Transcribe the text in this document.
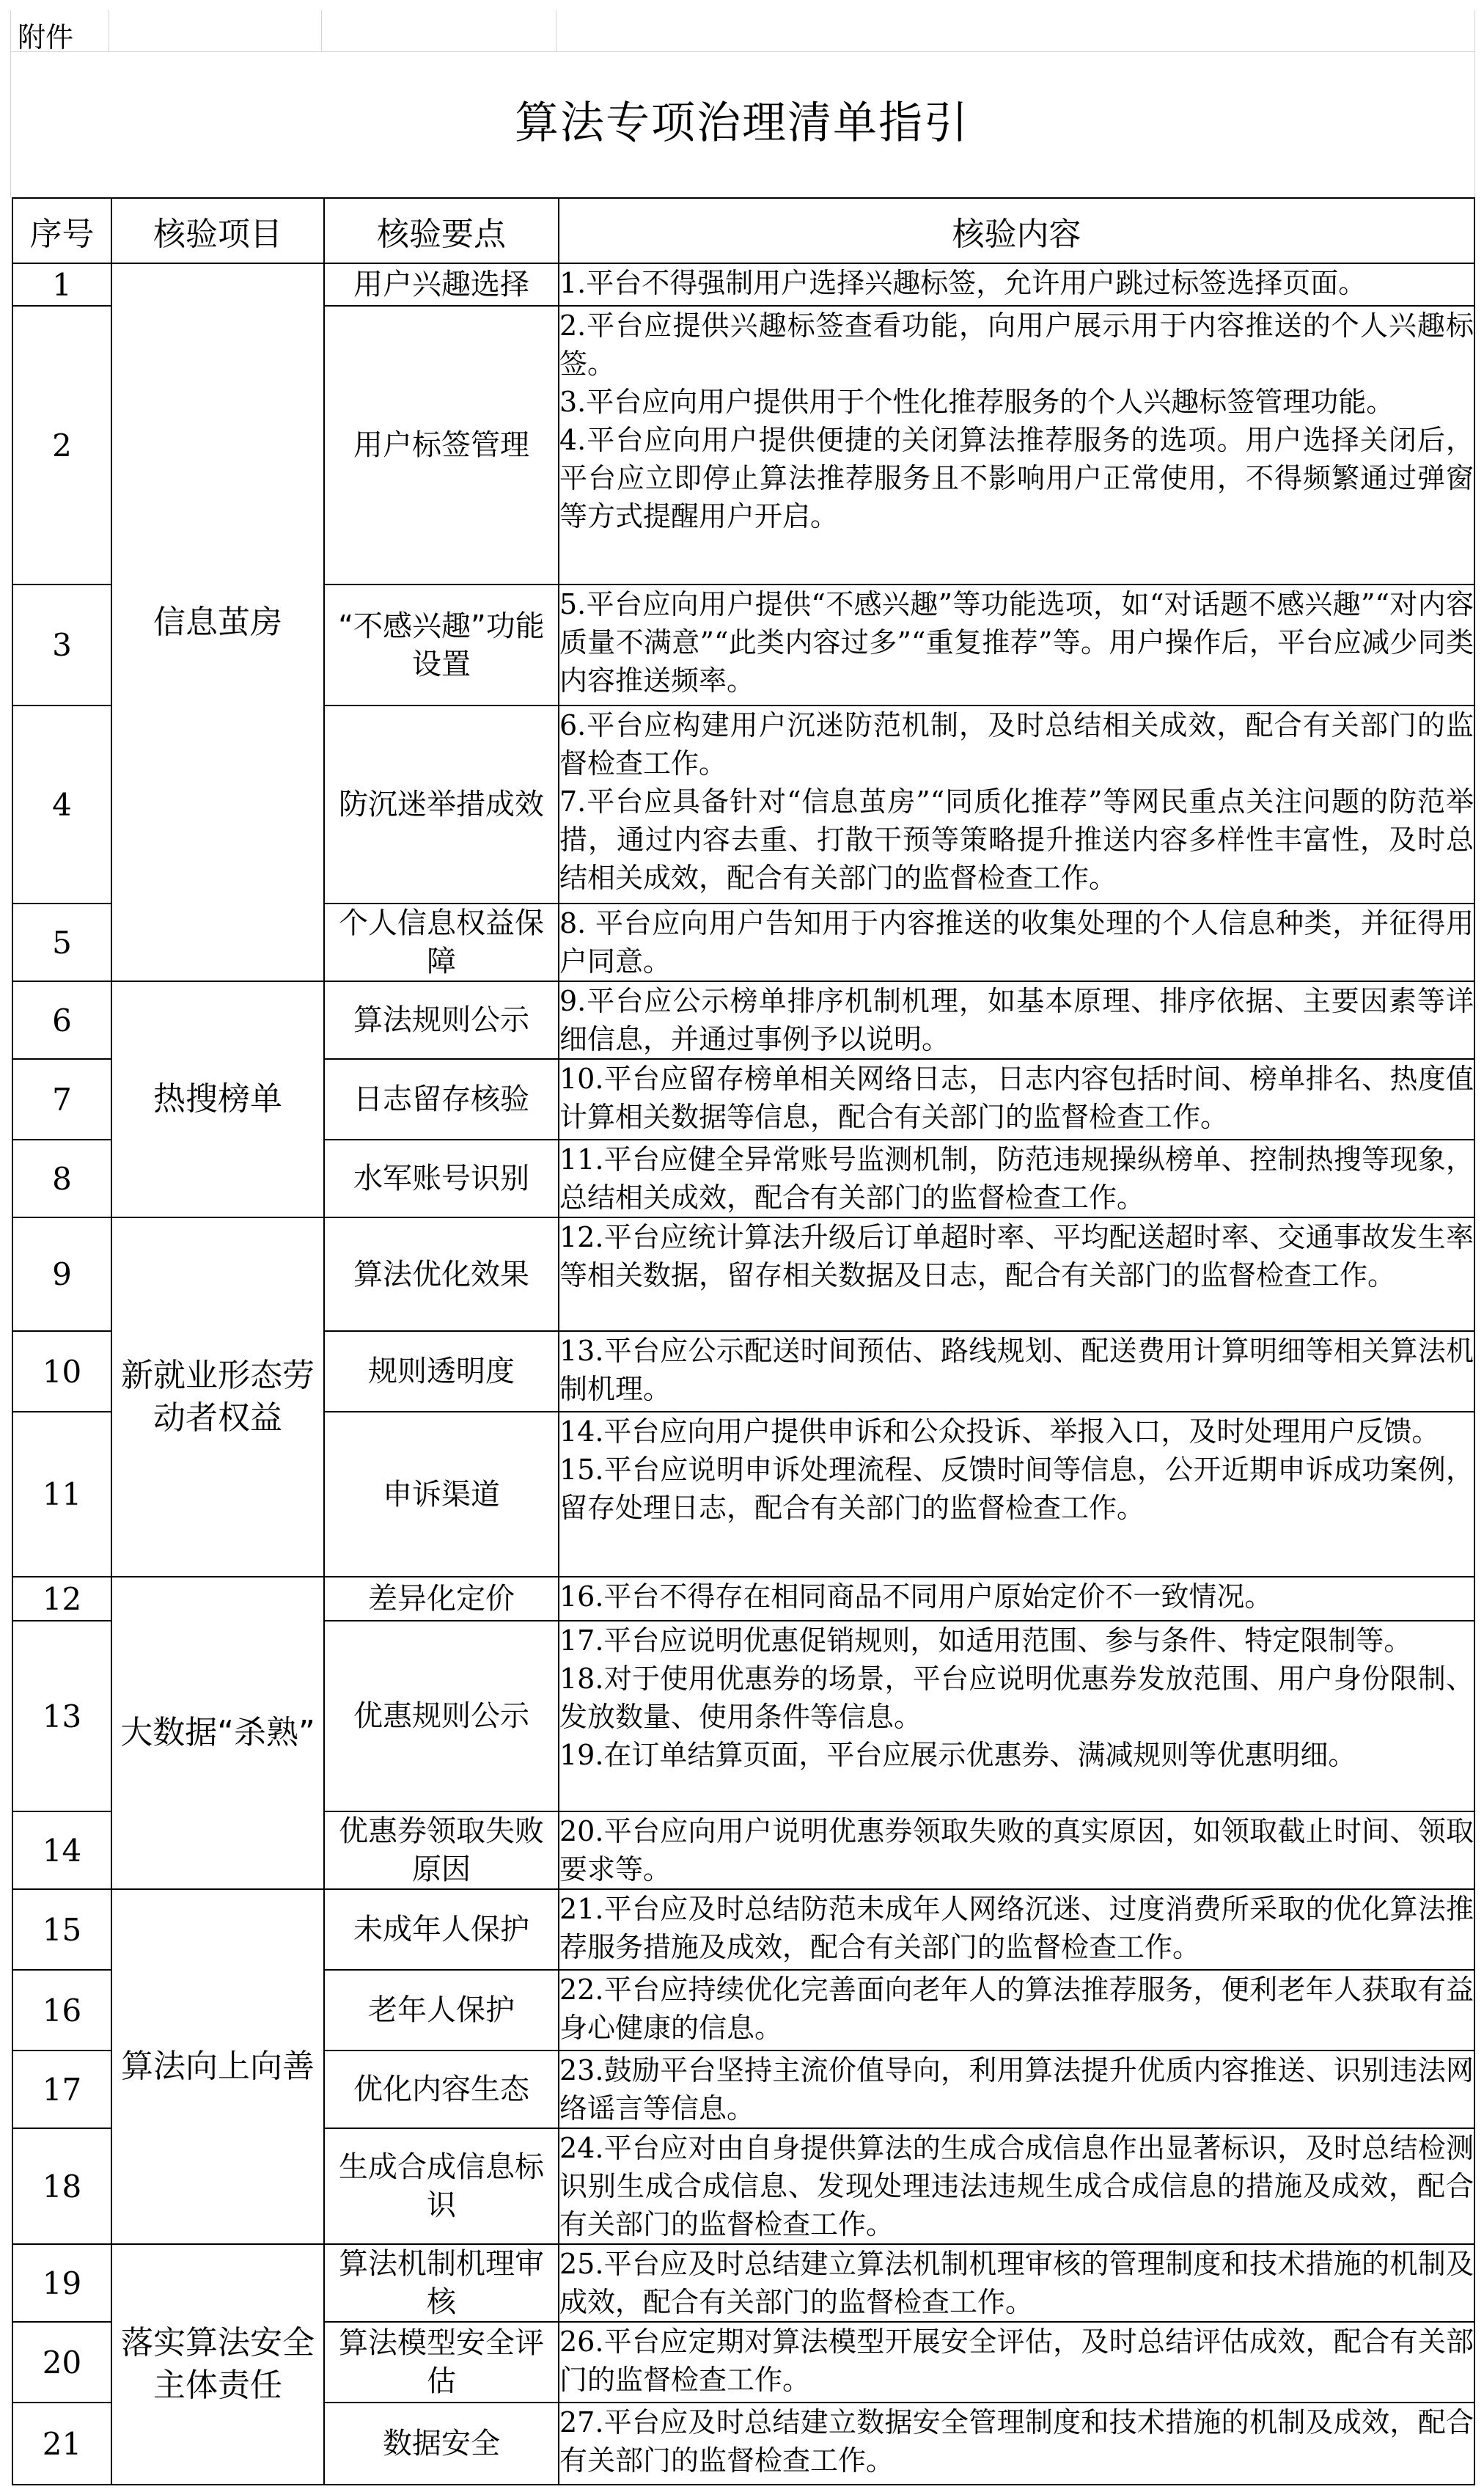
附件
算法专项治理清单指引
序号	核验项目	核验要点	核验内容
1	信息茧房	用户兴趣选择	1.平台不得强制用户选择兴趣标签，允许用户跳过标签选择页面。

2		用户标签管理	2.平台应提供兴趣标签查看功能，向用户展示用于内容推送的个人兴趣标签。
3.平台应向用户提供用于个性化推荐服务的个人兴趣标签管理功能。
4.平台应向用户提供便捷的关闭算法推荐服务的选项。用户选择关闭后，平台应立即停止算法推荐服务且不影响用户正常使用，不得频繁通过弹窗等方式提醒用户开启。

3		“不感兴趣”功能设置	5.平台应向用户提供“不感兴趣”等功能选项，如“对话题不感兴趣”“对内容质量不满意”“此类内容过多”“重复推荐”等。用户操作后，平台应减少同类内容推送频率。

4		防沉迷举措成效	6.平台应构建用户沉迷防范机制，及时总结相关成效，配合有关部门的监督检查工作。
7.平台应具备针对“信息茧房”“同质化推荐”等网民重点关注问题的防范举措，通过内容去重、打散干预等策略提升推送内容多样性丰富性，及时总结相关成效，配合有关部门的监督检查工作。

5		个人信息权益保障	8. 平台应向用户告知用于内容推送的收集处理的个人信息种类，并征得用户同意。

6	热搜榜单	算法规则公示	9.平台应公示榜单排序机制机理，如基本原理、排序依据、主要因素等详细信息，并通过事例予以说明。

7		日志留存核验	10.平台应留存榜单相关网络日志，日志内容包括时间、榜单排名、热度值计算相关数据等信息，配合有关部门的监督检查工作。

8		水军账号识别	11.平台应健全异常账号监测机制，防范违规操纵榜单、控制热搜等现象，总结相关成效，配合有关部门的监督检查工作。

9	新就业形态劳动者权益	算法优化效果	12.平台应统计算法升级后订单超时率、平均配送超时率、交通事故发生率等相关数据，留存相关数据及日志，配合有关部门的监督检查工作。

10		规则透明度	13.平台应公示配送时间预估、路线规划、配送费用计算明细等相关算法机制机理。

11		申诉渠道	14.平台应向用户提供申诉和公众投诉、举报入口，及时处理用户反馈。
15.平台应说明申诉处理流程、反馈时间等信息，公开近期申诉成功案例，留存处理日志，配合有关部门的监督检查工作。

12	大数据“杀熟”	差异化定价	16.平台不得存在相同商品不同用户原始定价不一致情况。

13		优惠规则公示	17.平台应说明优惠促销规则，如适用范围、参与条件、特定限制等。
18.对于使用优惠券的场景，平台应说明优惠券发放范围、用户身份限制、发放数量、使用条件等信息。
19.在订单结算页面，平台应展示优惠券、满减规则等优惠明细。

14		优惠券领取失败原因	20.平台应向用户说明优惠券领取失败的真实原因，如领取截止时间、领取要求等。

15	算法向上向善	未成年人保护	21.平台应及时总结防范未成年人网络沉迷、过度消费所采取的优化算法推荐服务措施及成效，配合有关部门的监督检查工作。

16		老年人保护	22.平台应持续优化完善面向老年人的算法推荐服务，便利老年人获取有益身心健康的信息。

17		优化内容生态	23.鼓励平台坚持主流价值导向，利用算法提升优质内容推送、识别违法网络谣言等信息。

18		生成合成信息标识	24.平台应对由自身提供算法的生成合成信息作出显著标识，及时总结检测识别生成合成信息、发现处理违法违规生成合成信息的措施及成效，配合有关部门的监督检查工作。

19	落实算法安全主体责任	算法机制机理审核	25.平台应及时总结建立算法机制机理审核的管理制度和技术措施的机制及成效，配合有关部门的监督检查工作。

20		算法模型安全评估	26.平台应定期对算法模型开展安全评估，及时总结评估成效，配合有关部门的监督检查工作。

21		数据安全	27.平台应及时总结建立数据安全管理制度和技术措施的机制及成效，配合有关部门的监督检查工作。
